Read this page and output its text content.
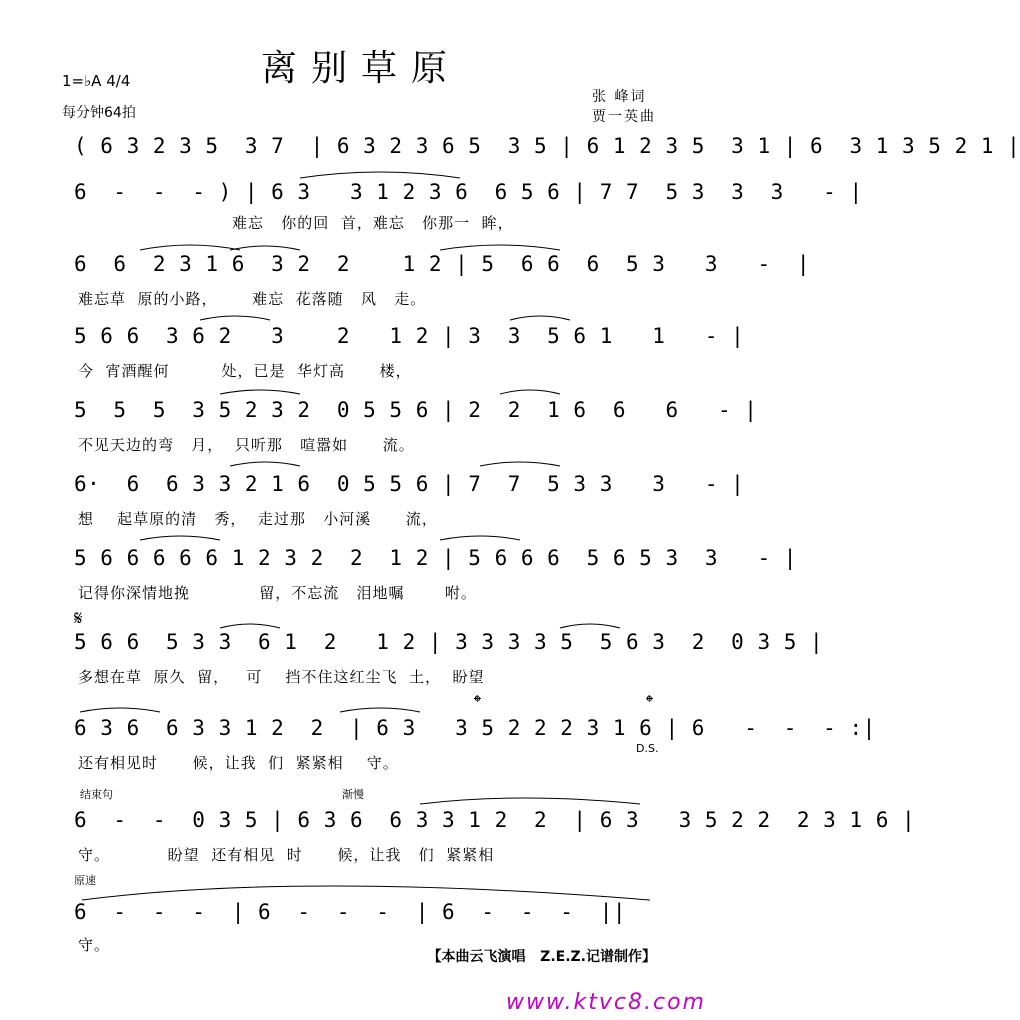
离别草原
1=♭A 4/4
每分钟64拍
张 峰词
贾一英曲
( 6 3 2 3 5  3 7  | 6 3 2 3 6 5  3 5 | 6 1 2 3 5  3 1 | 6  3 1 3 5 2 1 |
6  -  -  - ) | 6 3   3 1 2 3 6  6 5 6 | 7 7  5 3  3  3   - |
难忘   你的回  首，难忘   你那一  眸，
6  6  2 3 1 6  3 2  2    1 2 | 5  6 6  6  5 3   3   -  |
难忘草  原的小路，      难忘  花落随   风   走。
5 6 6  3 6 2   3    2   1 2 | 3  3  5 6 1   1   - |
今  宵酒醒何         处，已是  华灯高      楼，
5  5  5  3 5 2 3 2  0 5 5 6 | 2  2  1 6  6   6   - |
不见天边的弯   月，  只听那   喧嚣如      流。
6·  6  6 3 3 2 1 6  0 5 5 6 | 7  7  5 3 3   3   - |
想    起草原的清   秀，  走过那   小河溪      流，
5 6 6 6 6 6 1 2 3 2  2  1 2 | 5 6 6 6  5 6 5 3  3   - |
记得你深情地挽            留，不忘流   泪地嘱       咐。
𝄋
5 6 6  5 3 3  6 1  2   1 2 | 3 3 3 3 5  5 6 3  2  0 3 5 |
多想在草  原久  留，   可    挡不住这红尘飞  土，  盼望
𝄌	𝄌
6 3 6  6 3 3 1 2  2  | 6 3   3 5 2 2 2 3 1 6 | 6   -  -  - :|
D.S.
还有相见时      候，让我  们  紧紧相    守。
结束句	渐慢
6  -  -  0 3 5 | 6 3 6  6 3 3 1 2  2  | 6 3   3 5 2 2  2 3 1 6 |
守。          盼望  还有相见  时      候，让我   们  紧紧相
原速
6  -  -  -  | 6  -  -  -  | 6  -  -  -  ||
守。
【本曲云飞演唱   Z.E.Z.记谱制作】
www.ktvc8.com
